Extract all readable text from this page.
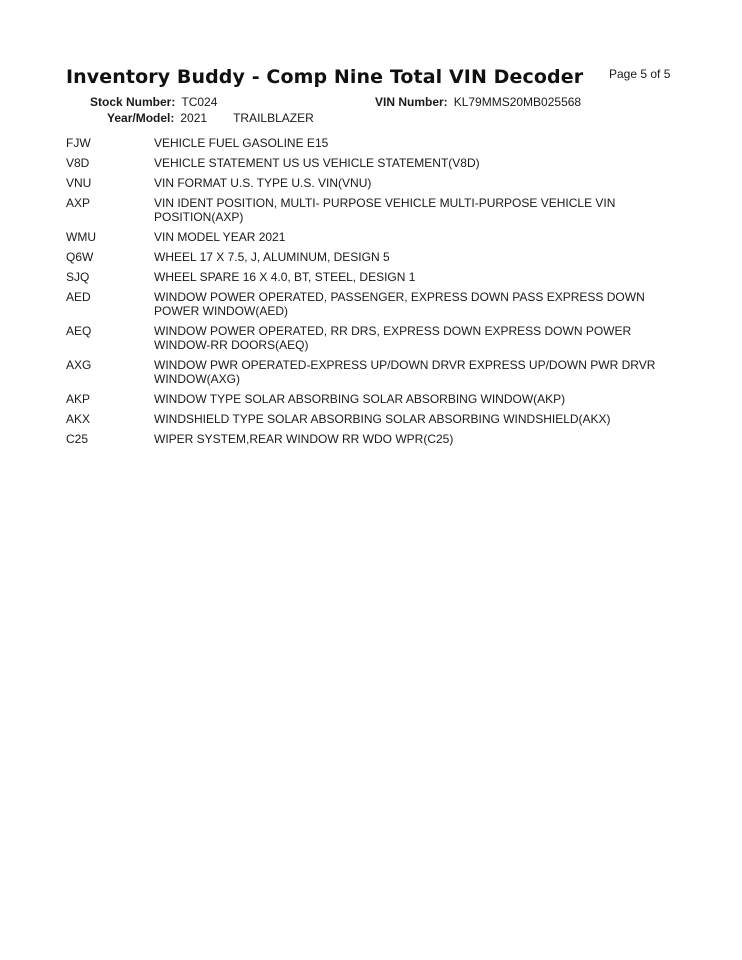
Inventory Buddy - Comp Nine Total VIN Decoder Page 5 of 5
Stock Number: TC024	VIN Number: KL79MMS20MB025568
Year/Model: 2021 TRAILBLAZER
FJW	VEHICLE FUEL GASOLINE E15
V8D	VEHICLE STATEMENT US US VEHICLE STATEMENT(V8D)
VNU	VIN FORMAT U.S. TYPE U.S. VIN(VNU)
AXP	VIN IDENT POSITION, MULTI- PURPOSE VEHICLE MULTI-PURPOSE VEHICLE VIN POSITION(AXP)
WMU	VIN MODEL YEAR 2021
Q6W	WHEEL 17 X 7.5, J, ALUMINUM, DESIGN 5
SJQ	WHEEL SPARE 16 X 4.0, BT, STEEL, DESIGN 1
AED	WINDOW POWER OPERATED, PASSENGER, EXPRESS DOWN PASS EXPRESS DOWN POWER WINDOW(AED)
AEQ	WINDOW POWER OPERATED, RR DRS, EXPRESS DOWN EXPRESS DOWN POWER WINDOW-RR DOORS(AEQ)
AXG	WINDOW PWR OPERATED-EXPRESS UP/DOWN DRVR EXPRESS UP/DOWN PWR DRVR WINDOW(AXG)
AKP	WINDOW TYPE SOLAR ABSORBING SOLAR ABSORBING WINDOW(AKP)
AKX	WINDSHIELD TYPE SOLAR ABSORBING SOLAR ABSORBING WINDSHIELD(AKX)
C25	WIPER SYSTEM,REAR WINDOW RR WDO WPR(C25)
